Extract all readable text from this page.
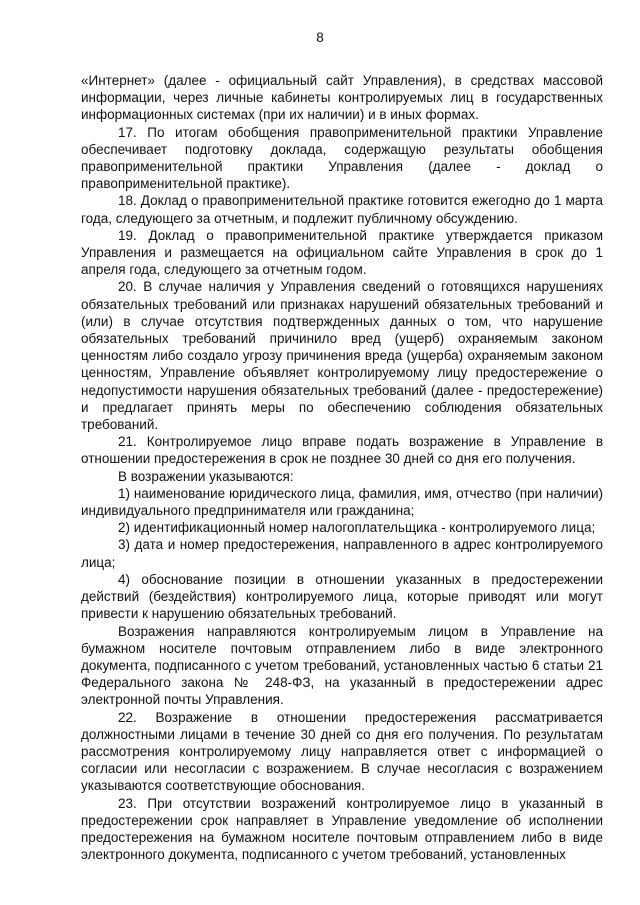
8

«Интернет» (далее - официальный сайт Управления), в средствах массовой информации, через личные кабинеты контролируемых лиц в государственных информационных системах (при их наличии) и в иных формах.

17. По итогам обобщения правоприменительной практики Управление обеспечивает подготовку доклада, содержащую результаты обобщения правоприменительной практики Управления (далее - доклад о правоприменительной практике).

18. Доклад о правоприменительной практике готовится ежегодно до 1 марта года, следующего за отчетным, и подлежит публичному обсуждению.

19. Доклад о правоприменительной практике утверждается приказом Управления и размещается на официальном сайте Управления в срок до 1 апреля года, следующего за отчетным годом.

20. В случае наличия у Управления сведений о готовящихся нарушениях обязательных требований или признаках нарушений обязательных требований и (или) в случае отсутствия подтвержденных данных о том, что нарушение обязательных требований причинило вред (ущерб) охраняемым законом ценностям либо создало угрозу причинения вреда (ущерба) охраняемым законом ценностям, Управление объявляет контролируемому лицу предостережение о недопустимости нарушения обязательных требований (далее - предостережение) и предлагает принять меры по обеспечению соблюдения обязательных требований.

21. Контролируемое лицо вправе подать возражение в Управление в отношении предостережения в срок не позднее 30 дней со дня его получения.

В возражении указываются:

1) наименование юридического лица, фамилия, имя, отчество (при наличии) индивидуального предпринимателя или гражданина;

2) идентификационный номер налогоплательщика - контролируемого лица;

3) дата и номер предостережения, направленного в адрес контролируемого лица;

4) обоснование позиции в отношении указанных в предостережении действий (бездействия) контролируемого лица, которые приводят или могут привести к нарушению обязательных требований.

Возражения направляются контролируемым лицом в Управление на бумажном носителе почтовым отправлением либо в виде электронного документа, подписанного с учетом требований, установленных частью 6 статьи 21 Федерального закона № 248-ФЗ, на указанный в предостережении адрес электронной почты Управления.

22. Возражение в отношении предостережения рассматривается должностными лицами в течение 30 дней со дня его получения. По результатам рассмотрения контролируемому лицу направляется ответ с информацией о согласии или несогласии с возражением. В случае несогласия с возражением указываются соответствующие обоснования.

23. При отсутствии возражений контролируемое лицо в указанный в предостережении срок направляет в Управление уведомление об исполнении предостережения на бумажном носителе почтовым отправлением либо в виде электронного документа, подписанного с учетом требований, установленных
